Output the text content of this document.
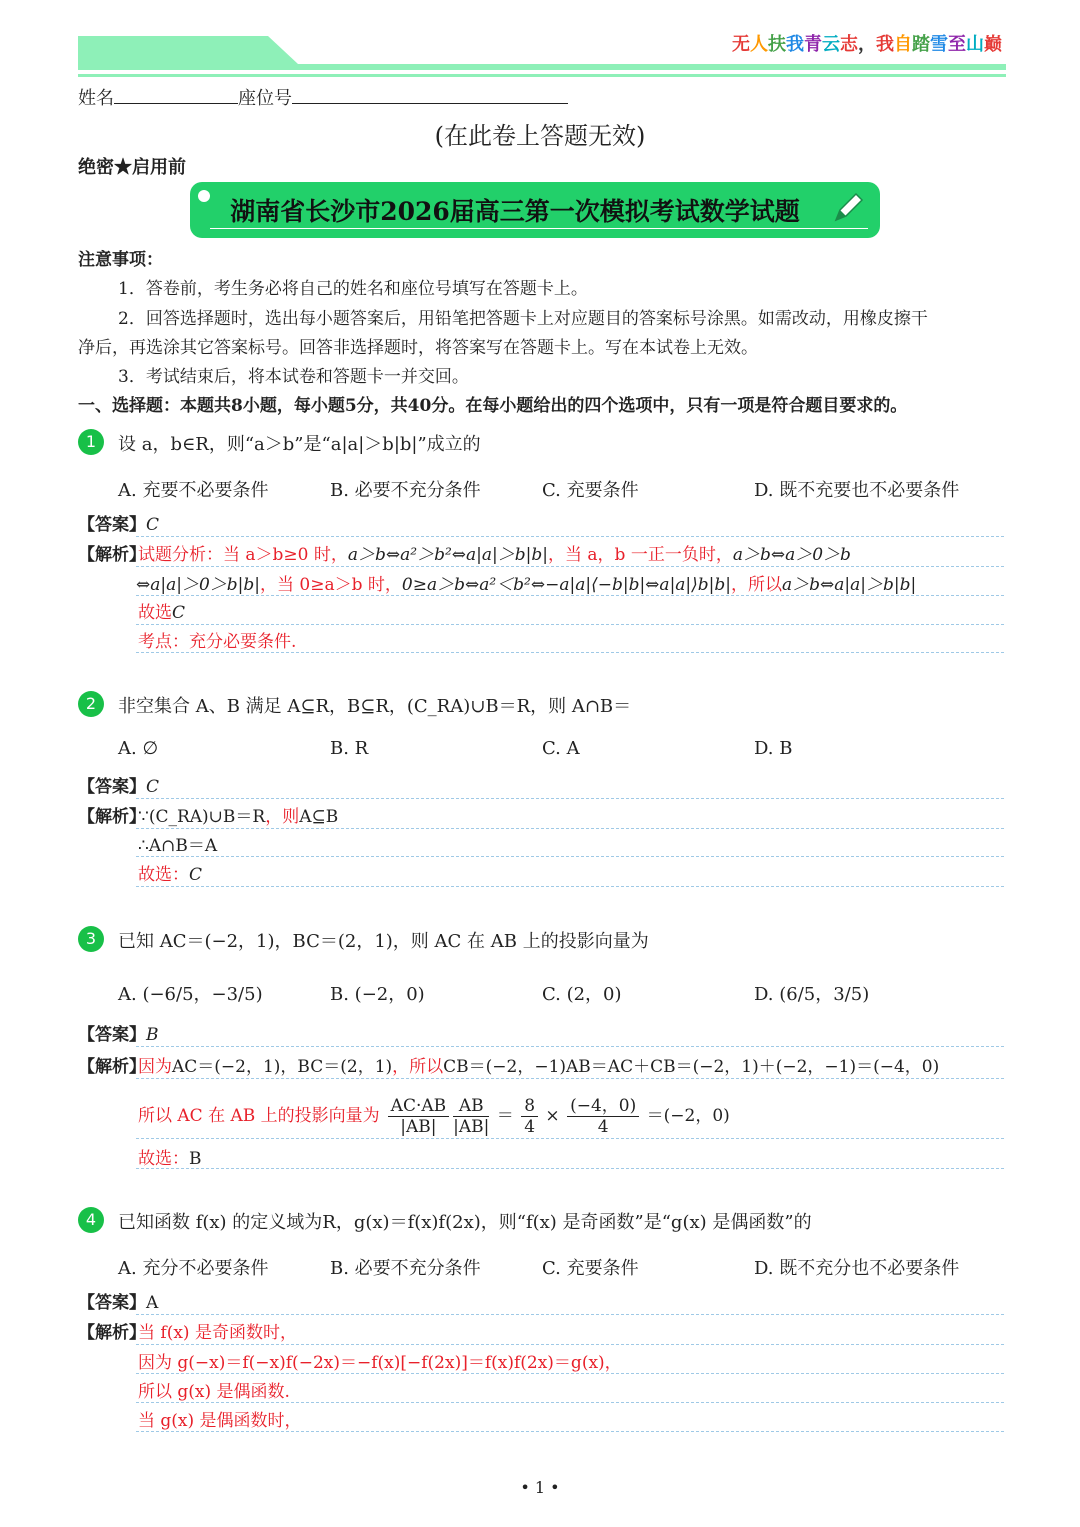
无人扶我青云志，我自踏雪至山巅
姓名	座位号
(在此卷上答题无效)
绝密★启用前
湖南省长沙市2026届高三第一次模拟考试数学试题
注意事项：
1．答卷前，考生务必将自己的姓名和座位号填写在答题卡上。
2．回答选择题时，选出每小题答案后，用铅笔把答题卡上对应题目的答案标号涂黑。如需改动，用橡皮擦干
净后，再选涂其它答案标号。回答非选择题时，将答案写在答题卡上。写在本试卷上无效。
3．考试结束后，将本试卷和答题卡一并交回。
一、选择题：本题共8小题，每小题5分，共40分。在每小题给出的四个选项中，只有一项是符合题目要求的。
1	设 a，b∈R，则“a＞b”是“a|a|＞b|b|”成立的
A. 充要不必要条件	B. 必要不充分条件	C. 充要条件	D. 既不充要也不必要条件
【答案】C
【解析】
试题分析：当 a＞b≥0 时，a＞b⇔a²＞b²⇔a|a|＞b|b|，当 a，b 一正一负时，a＞b⇔a＞0＞b
⇔a|a|＞0＞b|b|，当 0≥a＞b 时，0≥a＞b⇔a²＜b²⇔−a|a|⟨−b|b|⇔a|a|⟩b|b|，所以a＞b⇔a|a|＞b|b|
故选C
考点：充分必要条件.
2	非空集合 A、B 满足 A⊆R，B⊆R，(C_RA)∪B＝R，则 A∩B＝
A. ∅	B. R	C. A	D. B
【答案】C
【解析】
∵(C_RA)∪B＝R，则A⊆B
∴A∩B＝A
故选：C
3	已知 AC＝(−2，1)，BC＝(2，1)，则 AC 在 AB 上的投影向量为
A. (−6/5，−3/5)	B. (−2，0)	C. (2，0)	D. (6/5，3/5)
【答案】B
【解析】
因为AC＝(−2，1)，BC＝(2，1)，所以CB＝(−2，−1)AB＝AC＋CB＝(−2，1)＋(−2，−1)＝(−4，0)
所以 AC 在 AB 上的投影向量为 $\frac{AC\cdot AB}{|AB|} \frac{AB}{|AB|} = \frac{8}{4} \times \frac{(-4,0)}{4} =(-2$，0)
故选：B
4	已知函数 f(x) 的定义域为R，g(x)＝f(x)f(2x)，则“f(x) 是奇函数”是“g(x) 是偶函数”的
A. 充分不必要条件	B. 必要不充分条件	C. 充要条件	D. 既不充分也不必要条件
【答案】A
【解析】
当 f(x) 是奇函数时，
因为 g(−x)＝f(−x)f(−2x)＝−f(x)[−f(2x)]＝f(x)f(2x)＝g(x)，
所以 g(x) 是偶函数.
当 g(x) 是偶函数时，
• 1 •
